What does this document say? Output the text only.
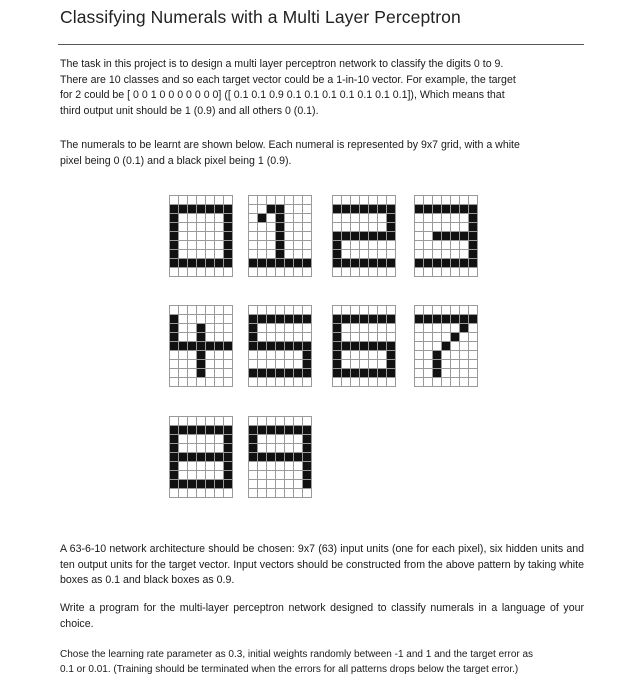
Classifying Numerals with a Multi Layer Perceptron

The task in this project is to design a multi layer perceptron network to classify the digits 0 to 9.

There are 10 classes and so each target vector could be a 1-in-10 vector. For example, the target

for 2 could be [ 0 0 1 0 0 0 0 0 0 0] ([ 0.1 0.1 0.9 0.1 0.1 0.1 0.1 0.1 0.1 0.1]), Which means that

third output unit should be 1 (0.9) and all others 0 (0.1).

The numerals to be learnt are shown below. Each numeral is represented by 9x7 grid, with a white

pixel being 0 (0.1) and a black pixel being 1 (0.9).

A 63-6-10 network architecture should be chosen: 9x7 (63) input units (one for each pixel), six hidden units and ten output units for the target vector. Input vectors should be constructed from the above pattern by taking white boxes as 0.1 and black boxes as 0.9.

Write a program for the multi-layer perceptron network designed to classify numerals in a language of your choice.

Chose the learning rate parameter as 0.3, initial weights randomly between -1 and 1 and the target error as

0.1 or 0.01. (Training should be terminated when the errors for all patterns drops below the target error.)
